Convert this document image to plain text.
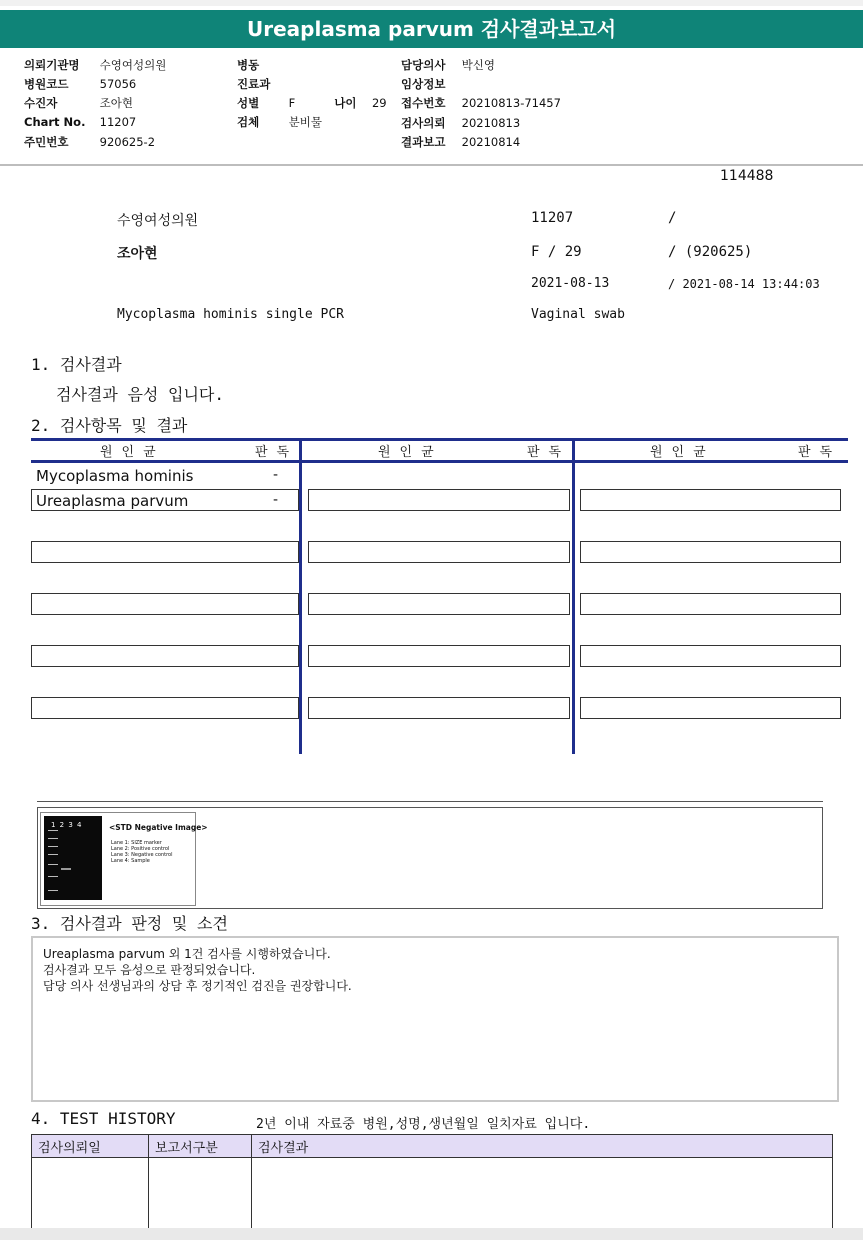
Ureaplasma parvum 검사결과보고서
의뢰기관명 수영여성의원
병원코드	57056
수진자	조아현
Chart No. 11207
주민번호	920625-2
병동
진료과
성별	F	나이 29
검체	분비물
담당의사 박신영
임상정보
접수번호 20210813-71457
검사의뢰 20210813
결과보고 20210814
114488
수영여성의원	11207	/
조아현	F / 29	/ (920625)
2021-08-13	/ 2021-08-14 13:44:03
Mycoplasma hominis single PCR	Vaginal swab
1. 검사결과
검사결과 음성 입니다.
2. 검사항목 및 결과
원인균	판독	원인균	판독	원인균	판독
Mycoplasma hominis	-
Ureaplasma parvum	-
1 2 3 4	<STD Negative Image>
Lane 1: SIZE marker
Lane 2: Positive control
Lane 3: Negative control
Lane 4: Sample
3. 검사결과 판정 및 소견
Ureaplasma parvum 외 1건 검사를 시행하였습니다.
검사결과 모두 음성으로 판정되었습니다.
담당 의사 선생님과의 상담 후 정기적인 검진을 권장합니다.
4. TEST HISTORY	2년 이내 자료중 병원,성명,생년월일 일치자료 입니다.
검사의뢰일	보고서구분	검사결과
